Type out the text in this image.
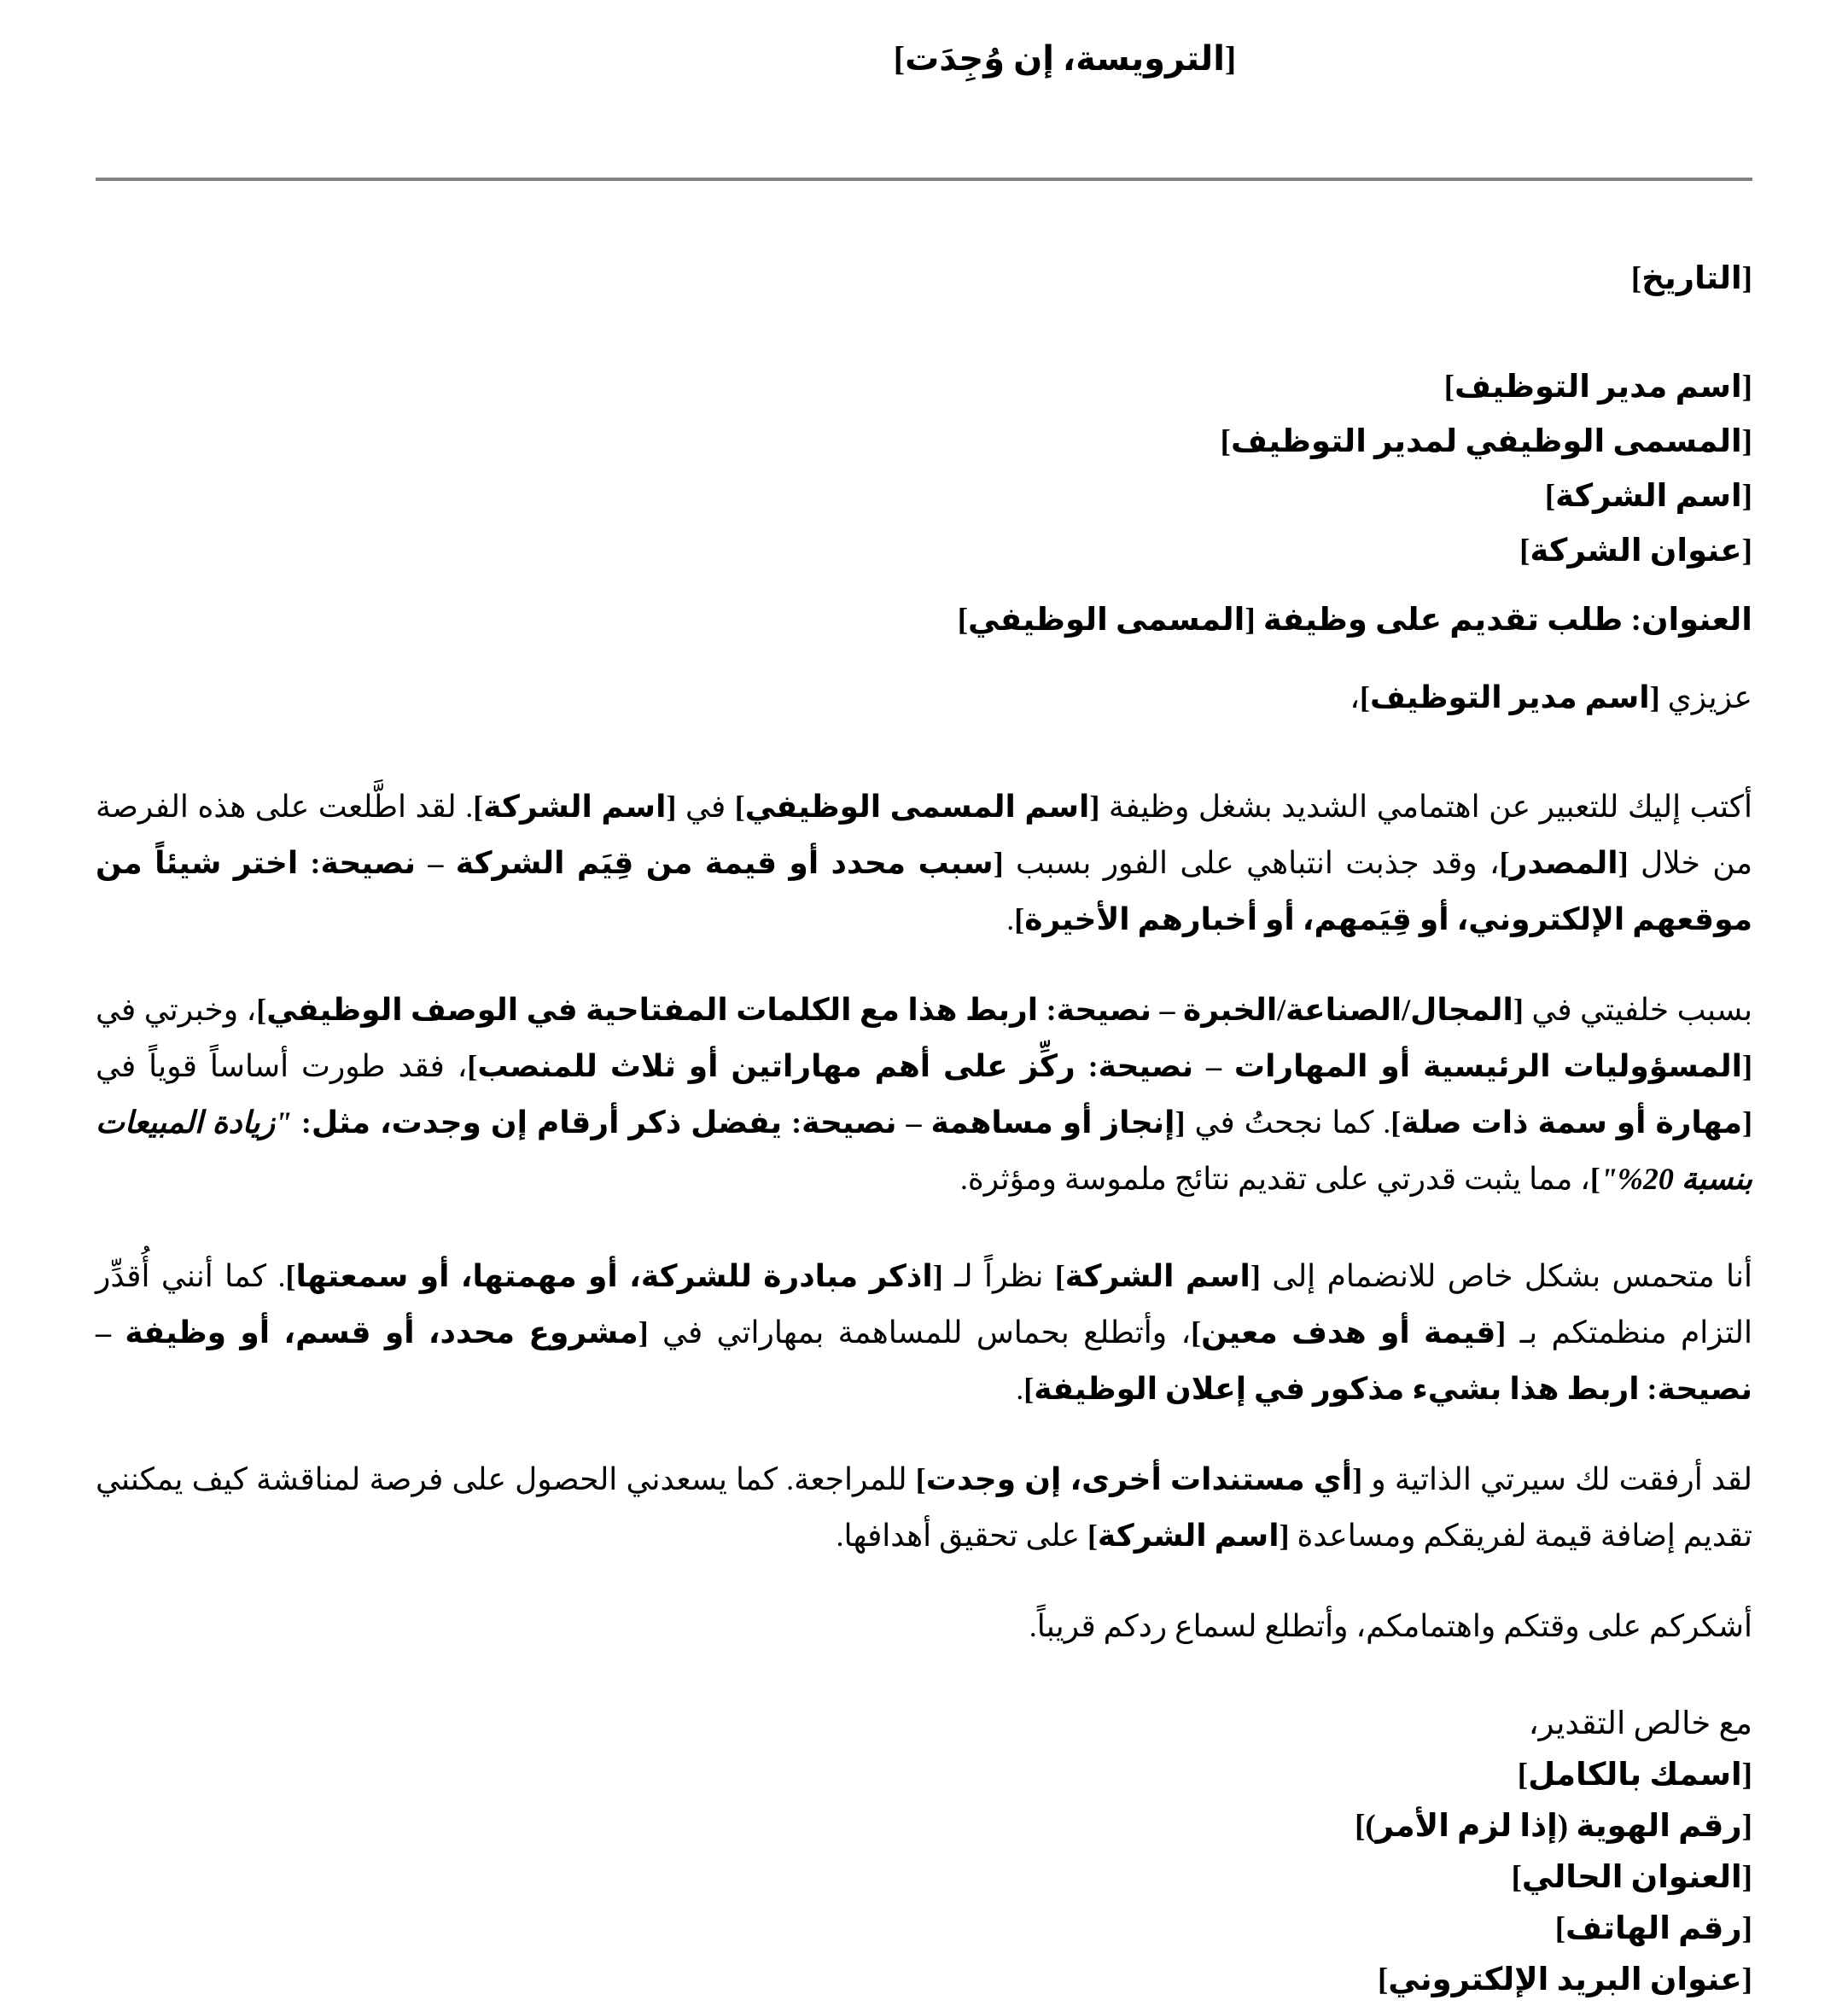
[الترويسة، إن وُجِدَت]
[التاريخ]
[اسم مدير التوظيف]
[المسمى الوظيفي لمدير التوظيف]
[اسم الشركة]
[عنوان الشركة]
العنوان: طلب تقديم على وظيفة [المسمى الوظيفي]
عزيزي [اسم مدير التوظيف]،
أكتب إليك للتعبير عن اهتمامي الشديد بشغل وظيفة [اسم المسمى الوظيفي] في [اسم الشركة]. لقد اطَّلعت على هذه الفرصة من خلال [المصدر]، وقد جذبت انتباهي على الفور بسبب [سبب محدد أو قيمة من قِيَم الشركة – نصيحة: اختر شيئاً من موقعهم الإلكتروني، أو قِيَمهم، أو أخبارهم الأخيرة].
بسبب خلفيتي في [المجال/الصناعة/الخبرة – نصيحة: اربط هذا مع الكلمات المفتاحية في الوصف الوظيفي]، وخبرتي في [المسؤوليات الرئيسية أو المهارات – نصيحة: ركِّز على أهم مهاراتين أو ثلاث للمنصب]، فقد طورت أساساً قوياً في [مهارة أو سمة ذات صلة]. كما نجحتُ في [إنجاز أو مساهمة – نصيحة: يفضل ذكر أرقام إن وجدت، مثل: "زيادة المبيعات بنسبة 20%"]، مما يثبت قدرتي على تقديم نتائج ملموسة ومؤثرة.
أنا متحمس بشكل خاص للانضمام إلى [اسم الشركة] نظراً لـ [اذكر مبادرة للشركة، أو مهمتها، أو سمعتها]. كما أنني أُقدِّر التزام منظمتكم بـ [قيمة أو هدف معين]، وأتطلع بحماس للمساهمة بمهاراتي في [مشروع محدد، أو قسم، أو وظيفة – نصيحة: اربط هذا بشيء مذكور في إعلان الوظيفة].
لقد أرفقت لك سيرتي الذاتية و [أي مستندات أخرى، إن وجدت] للمراجعة. كما يسعدني الحصول على فرصة لمناقشة كيف يمكنني تقديم إضافة قيمة لفريقكم ومساعدة [اسم الشركة] على تحقيق أهدافها.
أشكركم على وقتكم واهتمامكم، وأتطلع لسماع ردكم قريباً.
مع خالص التقدير،
[اسمك بالكامل]
[رقم الهوية (إذا لزم الأمر)]
[العنوان الحالي]
[رقم الهاتف]
[عنوان البريد الإلكتروني]
